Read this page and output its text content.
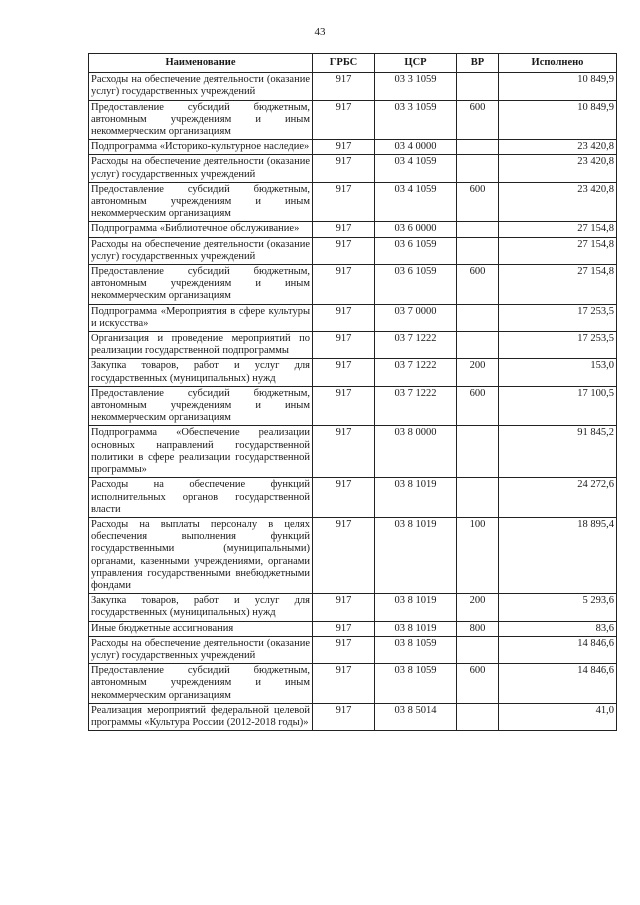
43
Наименование	ГРБС	ЦСР	ВР	Исполнено
Расходы на обеспечение деятельности (оказание услуг) государственных учреждений	917	03 3 1059		10 849,9
Предоставление субсидий бюджетным, автономным учреждениям и иным некоммерческим организациям	917	03 3 1059	600	10 849,9
Подпрограмма «Историко-культурное наследие»	917	03 4 0000		23 420,8
Расходы на обеспечение деятельности (оказание услуг) государственных учреждений	917	03 4 1059		23 420,8
Предоставление субсидий бюджетным, автономным учреждениям и иным некоммерческим организациям	917	03 4 1059	600	23 420,8
Подпрограмма «Библиотечное обслуживание»	917	03 6 0000		27 154,8
Расходы на обеспечение деятельности (оказание услуг) государственных учреждений	917	03 6 1059		27 154,8
Предоставление субсидий бюджетным, автономным учреждениям и иным некоммерческим организациям	917	03 6 1059	600	27 154,8
Подпрограмма «Мероприятия в сфере культуры и искусства»	917	03 7 0000		17 253,5
Организация и проведение мероприятий по реализации государственной подпрограммы	917	03 7 1222		17 253,5
Закупка товаров, работ и услуг для государственных (муниципальных) нужд	917	03 7 1222	200	153,0
Предоставление субсидий бюджетным, автономным учреждениям и иным некоммерческим организациям	917	03 7 1222	600	17 100,5
Подпрограмма «Обеспечение реализации основных направлений государственной политики в сфере реализации государственной программы»	917	03 8 0000		91 845,2
Расходы на обеспечение функций исполнительных органов государственной власти	917	03 8 1019		24 272,6
Расходы на выплаты персоналу в целях обеспечения выполнения функций государственными (муниципальными) органами, казенными учреждениями, органами управления государственными внебюджетными фондами	917	03 8 1019	100	18 895,4
Закупка товаров, работ и услуг для государственных (муниципальных) нужд	917	03 8 1019	200	5 293,6
Иные бюджетные ассигнования	917	03 8 1019	800	83,6
Расходы на обеспечение деятельности (оказание услуг) государственных учреждений	917	03 8 1059		14 846,6
Предоставление субсидий бюджетным, автономным учреждениям и иным некоммерческим организациям	917	03 8 1059	600	14 846,6
Реализация мероприятий федеральной целевой программы «Культура России (2012-2018 годы)»	917	03 8 5014		41,0
